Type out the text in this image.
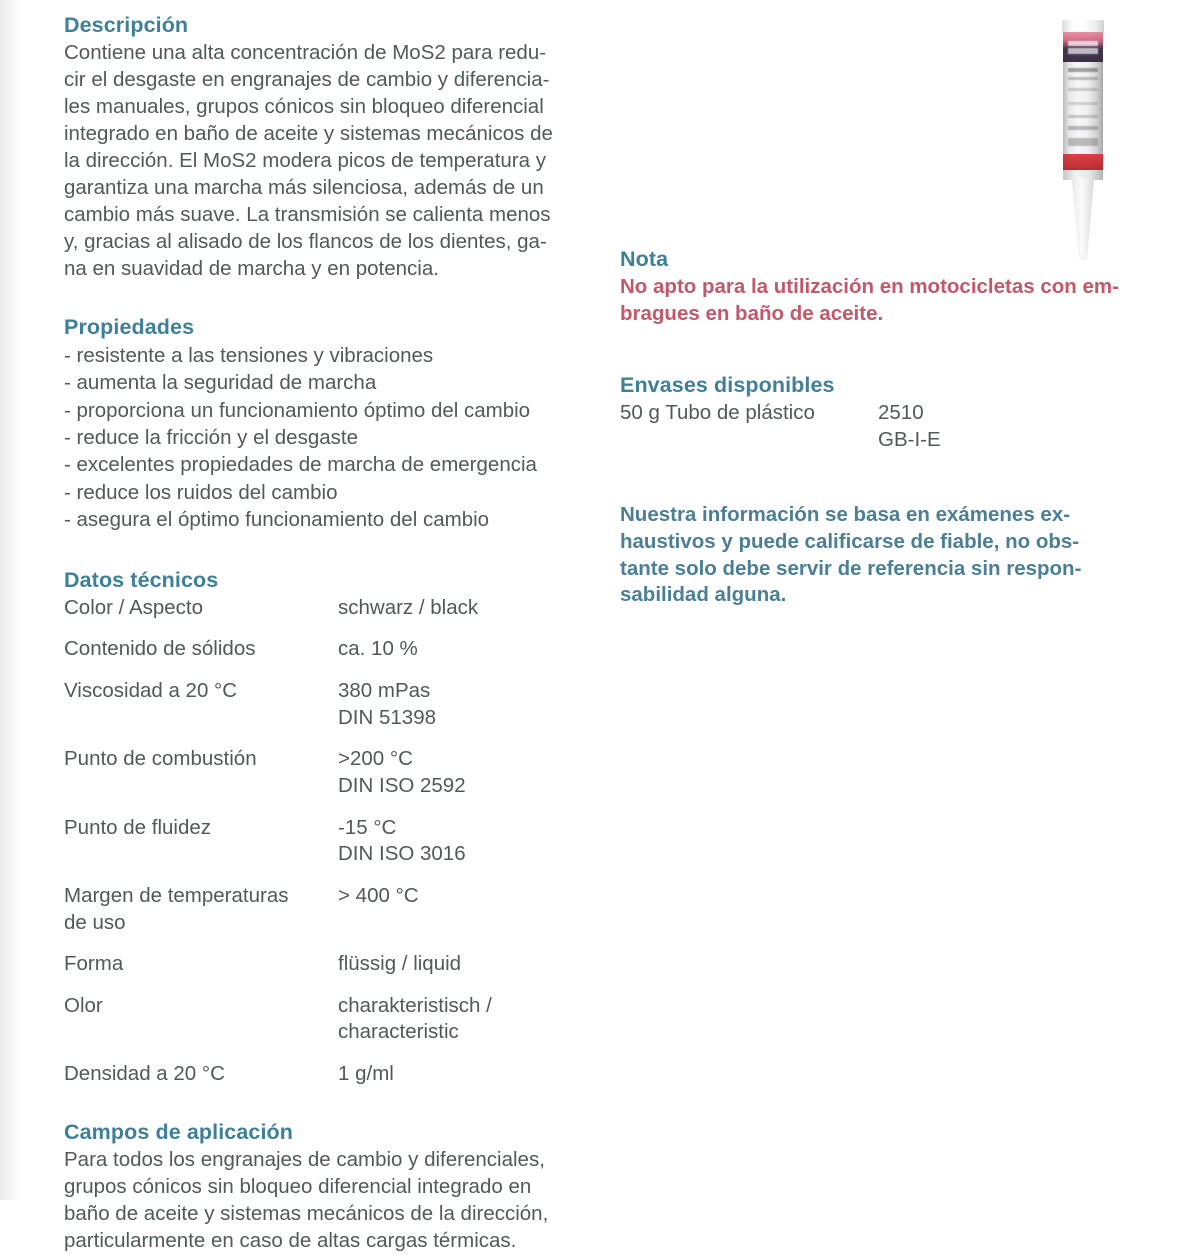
Descripción

Contiene una alta concentración de MoS2 para redu-
cir el desgaste en engranajes de cambio y diferencia-
les manuales, grupos cónicos sin bloqueo diferencial
integrado en baño de aceite y sistemas mecánicos de
la dirección. El MoS2 modera picos de temperatura y
garantiza una marcha más silenciosa, además de un
cambio más suave. La transmisión se calienta menos
y, gracias al alisado de los flancos de los dientes, ga-
na en suavidad de marcha y en potencia.

Propiedades
- resistente a las tensiones y vibraciones
- aumenta la seguridad de marcha
- proporciona un funcionamiento óptimo del cambio
- reduce la fricción y el desgaste
- excelentes propiedades de marcha de emergencia
- reduce los ruidos del cambio
- asegura el óptimo funcionamiento del cambio
Datos técnicos
Color / Aspecto	schwarz / black

Contenido de sólidos	ca. 10 %

Viscosidad a 20 °C	380 mPas
DIN 51398

Punto de combustión	>200 °C
DIN ISO 2592

Punto de fluidez	-15 °C
DIN ISO 3016

Margen de temperaturas
de uso	> 400 °C

Forma	flüssig / liquid

Olor	charakteristisch /
characteristic

Densidad a 20 °C	1 g/ml
Campos de aplicación

Para todos los engranajes de cambio y diferenciales,
grupos cónicos sin bloqueo diferencial integrado en
baño de aceite y sistemas mecánicos de la dirección,
particularmente en caso de altas cargas térmicas.

Nota

No apto para la utilización en motocicletas con em-
bragues en baño de aceite.

Envases disponibles
50 g Tubo de plástico	2510
GB-I-E

Nuestra información se basa en exámenes ex-
haustivos y puede calificarse de fiable, no obs-
tante solo debe servir de referencia sin respon-
sabilidad alguna.
